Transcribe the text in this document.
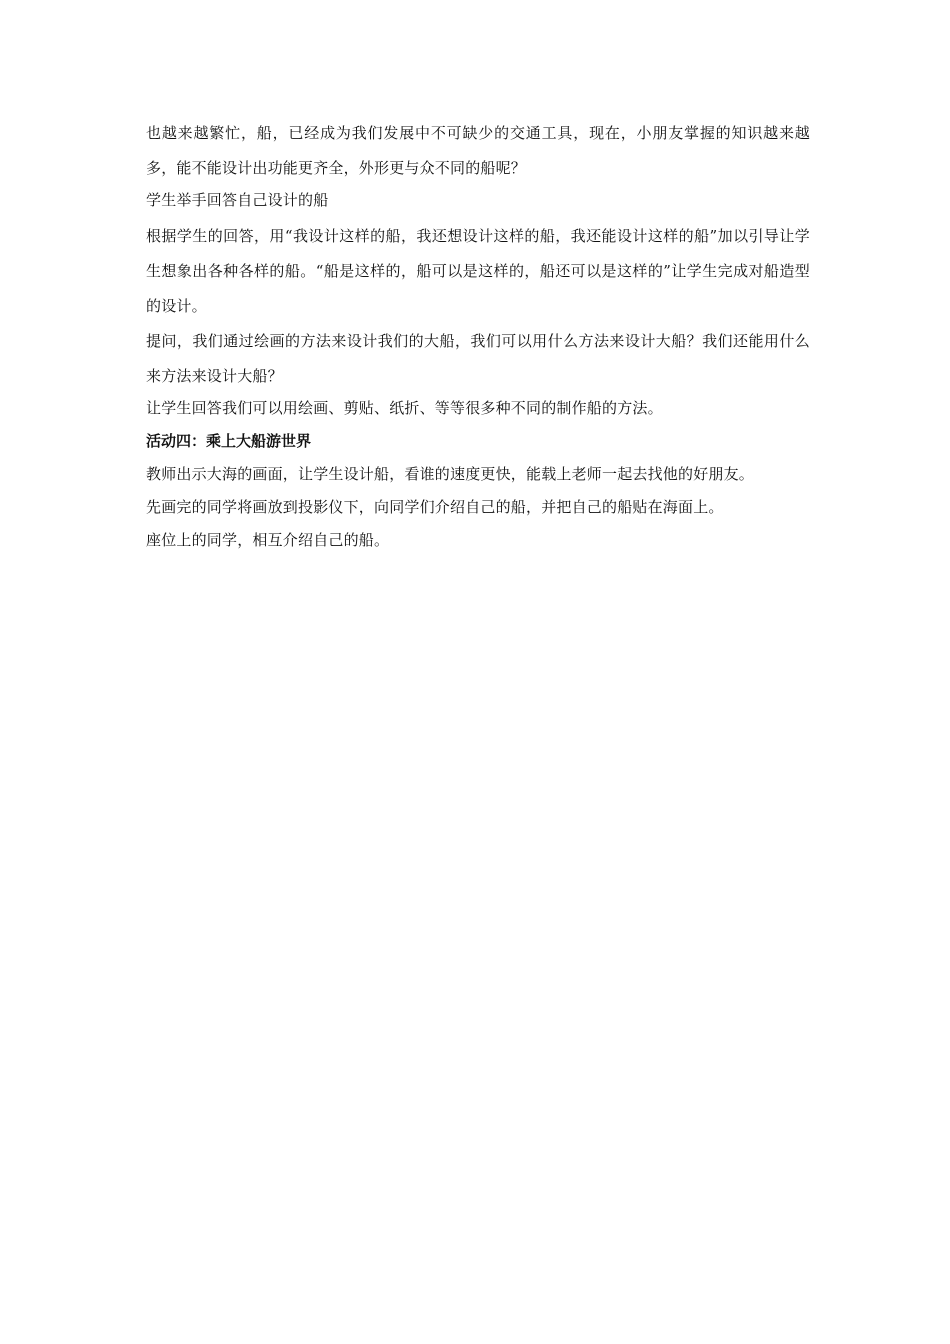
也越来越繁忙，船，已经成为我们发展中不可缺少的交通工具，现在，小朋友掌握的知识越来越多，能不能设计出功能更齐全，外形更与众不同的船呢？

学生举手回答自己设计的船

根据学生的回答，用“我设计这样的船，我还想设计这样的船，我还能设计这样的船”加以引导让学生想象出各种各样的船。“船是这样的，船可以是这样的，船还可以是这样的”让学生完成对船造型的设计。

提问，我们通过绘画的方法来设计我们的大船，我们可以用什么方法来设计大船？我们还能用什么来方法来设计大船？

让学生回答我们可以用绘画、剪贴、纸折、等等很多种不同的制作船的方法。

活动四：乘上大船游世界

教师出示大海的画面，让学生设计船，看谁的速度更快，能载上老师一起去找他的好朋友。

先画完的同学将画放到投影仪下，向同学们介绍自己的船，并把自己的船贴在海面上。

座位上的同学，相互介绍自己的船。
